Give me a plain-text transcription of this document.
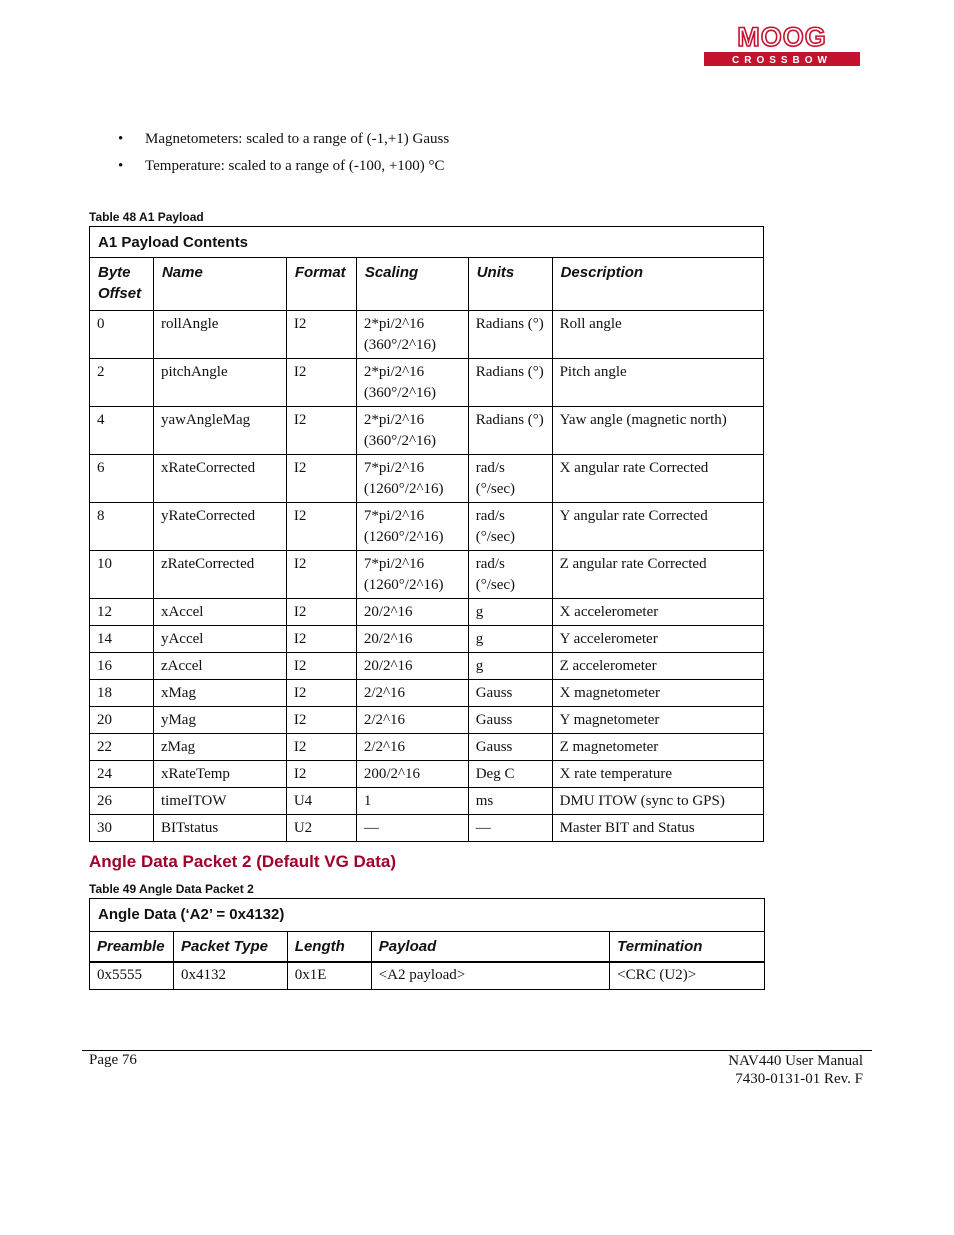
MOOG
CROSSBOW
• Magnetometers: scaled to a range of (-1,+1) Gauss
• Temperature: scaled to a range of (-100, +100) °C
Table 48 A1 Payload
A1 Payload Contents					
Byte Offset	Name	Format	Scaling	Units	Description
0	rollAngle	I2	2*pi/2^16 (360°/2^16)	Radians (°)	Roll angle
2	pitchAngle	I2	2*pi/2^16 (360°/2^16)	Radians (°)	Pitch angle
4	yawAngleMag	I2	2*pi/2^16 (360°/2^16)	Radians (°)	Yaw angle (magnetic north)
6	xRateCorrected	I2	7*pi/2^16 (1260°/2^16)	rad/s (°/sec)	X angular rate Corrected
8	yRateCorrected	I2	7*pi/2^16 (1260°/2^16)	rad/s (°/sec)	Y angular rate Corrected
10	zRateCorrected	I2	7*pi/2^16 (1260°/2^16)	rad/s (°/sec)	Z angular rate Corrected
12	xAccel	I2	20/2^16	g	X accelerometer
14	yAccel	I2	20/2^16	g	Y accelerometer
16	zAccel	I2	20/2^16	g	Z accelerometer
18	xMag	I2	2/2^16	Gauss	X magnetometer
20	yMag	I2	2/2^16	Gauss	Y magnetometer
22	zMag	I2	2/2^16	Gauss	Z magnetometer
24	xRateTemp	I2	200/2^16	Deg C	X rate temperature
26	timeITOW	U4	1	ms	DMU ITOW (sync to GPS)
30	BITstatus	U2	—	—	Master BIT and Status
Angle Data Packet 2 (Default VG Data)
Table 49 Angle Data Packet 2
Angle Data (‘A2’ = 0x4132)				
Preamble	Packet Type	Length	Payload	Termination
0x5555	0x4132	0x1E	<A2 payload>	<CRC (U2)>
Page 76	NAV440 User Manual
7430-0131-01 Rev. F
